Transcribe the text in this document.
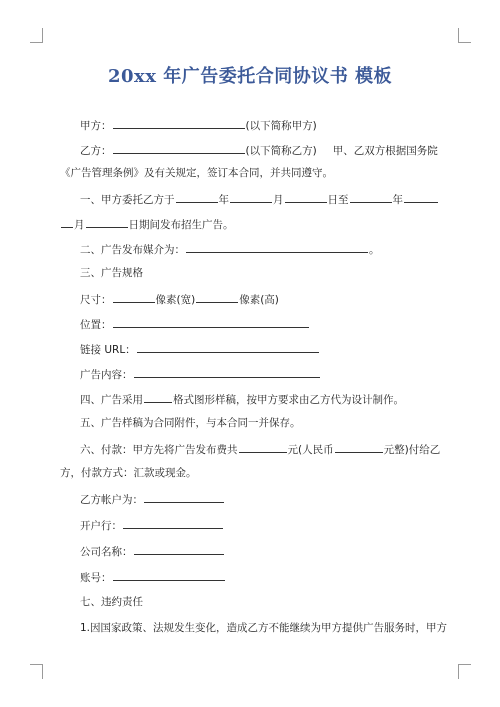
20xx 年广告委托合同协议书 模板
甲方：	(以下简称甲方)
乙方：	(以下简称乙方) 甲、乙双方根据国务院
《广告管理条例》及有关规定，签订本合同，并共同遵守。
一、甲方委托乙方于	年	月	日至	年
月	日期间发布招生广告。
二、广告发布媒介为：	。
三、广告规格
尺寸：	像素(宽)	像素(高)
位置：
链接 URL：
广告内容：
四、广告采用	格式图形样稿，按甲方要求由乙方代为设计制作。
五、广告样稿为合同附件，与本合同一并保存。
六、付款：甲方先将广告发布费共	元(人民币	元整)付给乙
方，付款方式：汇款或现金。
乙方帐户为：
开户行：
公司名称：
账号：
七、违约责任
1.因国家政策、法规发生变化，造成乙方不能继续为甲方提供广告服务时，甲方
